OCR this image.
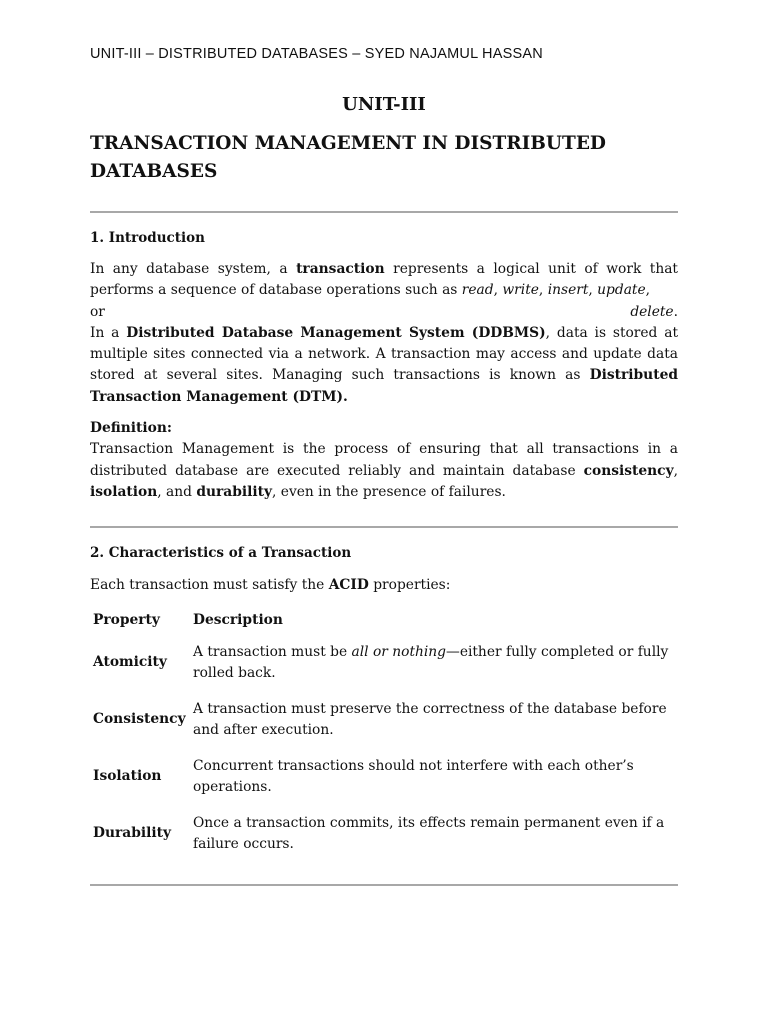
UNIT-III – DISTRIBUTED DATABASES – SYED NAJAMUL HASSAN
UNIT-III
TRANSACTION MANAGEMENT IN DISTRIBUTED
DATABASES
1. Introduction
In any database system, a transaction represents a logical unit of work that performs a sequence of database operations such as read, write, insert, update,
or	delete.
In a Distributed Database Management System (DDBMS), data is stored at multiple sites connected via a network. A transaction may access and update data stored at several sites. Managing such transactions is known as Distributed Transaction Management (DTM).
Definition:
Transaction Management is the process of ensuring that all transactions in a distributed database are executed reliably and maintain database consistency, isolation, and durability, even in the presence of failures.
2. Characteristics of a Transaction
Each transaction must satisfy the ACID properties:
Property	Description
Atomicity	A transaction must be all or nothing—either fully completed or fully rolled back.
Consistency	A transaction must preserve the correctness of the database before and after execution.
Isolation	Concurrent transactions should not interfere with each other’s operations.
Durability	Once a transaction commits, its effects remain permanent even if a failure occurs.
